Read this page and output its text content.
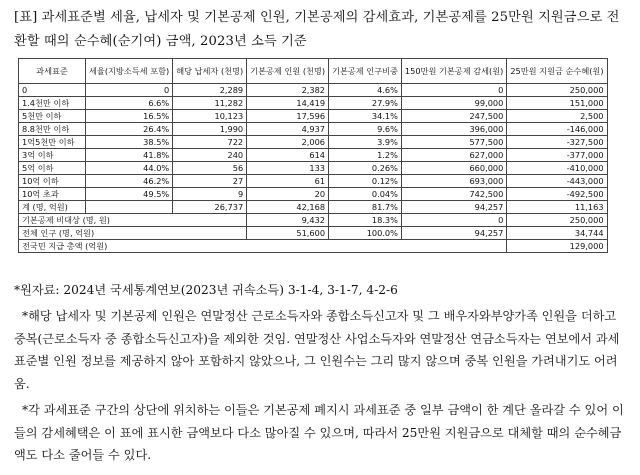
[표] 과세표준별 세율, 납세자 및 기본공제 인원, 기본공제의 감세효과, 기본공제를 25만원 지원금으로 전환할 때의 순수혜(순기여) 금액, 2023년 소득 기준
과세표준	세율(지방소득세 포함)	해당 납세자 (천명)	기본공제 인원 (천명)	기본공제 인구비중	150만원 기본공제 감세(원)	25만원 지원금 순수혜(원)
0	0	2,289	2,382	4.6%	0	250,000
1.4천만 이하	6.6%	11,282	14,419	27.9%	99,000	151,000
5천만 이하	16.5%	10,123	17,596	34.1%	247,500	2,500
8.8천만 이하	26.4%	1,990	4,937	9.6%	396,000	-146,000
1억5천만 이하	38.5%	722	2,006	3.9%	577,500	-327,500
3억 이하	41.8%	240	614	1.2%	627,000	-377,000
5억 이하	44.0%	56	133	0.26%	660,000	-410,000
10억 이하	46.2%	27	61	0.12%	693,000	-443,000
10억 초과	49.5%	9	20	0.04%	742,500	-492,500
계 (명, 억원)		26,737	42,168	81.7%	94,257	11,163
기본공제 비대상 (명, 원)			9,432	18.3%	0	250,000
전체 인구 (명, 억원)			51,600	100.0%	94,257	34,744
전국민 지급 총액 (억원)						129,000

*원자료: 2024년 국세통계연보(2023년 귀속소득) 3-1-4, 3-1-7, 4-2-6

*해당 납세자 및 기본공제 인원은 연말정산 근로소득자와 종합소득신고자 및 그 배우자와부양가족 인원을 더하고 중복(근로소득자 중 종합소득신고자)을 제외한 것임. 연말정산 사업소득자와 연말정산 연금소득자는 연보에서 과세표준별 인원 정보를 제공하지 않아 포함하지 않았으나, 그 인원수는 그리 많지 않으며 중복 인원을 가려내기도 어려움.

*각 과세표준 구간의 상단에 위치하는 이들은 기본공제 폐지시 과세표준 중 일부 금액이 한 계단 올라갈 수 있어 이들의 감세혜택은 이 표에 표시한 금액보다 다소 많아질 수 있으며, 따라서 25만원 지원금으로 대체할 때의 순수혜금액도 다소 줄어들 수 있다.
